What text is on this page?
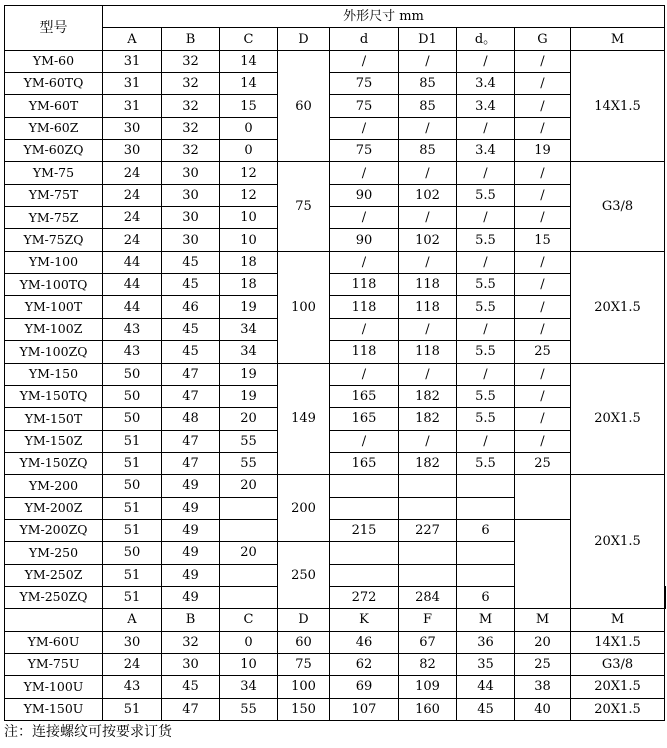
型号	外形尺寸 mm									
	A	B	C	D	d	D1	d。	G	M	
YM-60	31	32	14	60	/	/	/	/	14X1.5	
YM-60TQ	31	32	14		75	85	3.4	/		
YM-60T	31	32	15		75	85	3.4	/		
YM-60Z	30	32	0		/	/	/	/		
YM-60ZQ	30	32	0		75	85	3.4	19		
YM-75	24	30	12	75	/	/	/	/	G3/8	
YM-75T	24	30	12		90	102	5.5	/		
YM-75Z	24	30	10		/	/	/	/		
YM-75ZQ	24	30	10		90	102	5.5	15		
YM-100	44	45	18	100	/	/	/	/	20X1.5	
YM-100TQ	44	45	18		118	118	5.5	/		
YM-100T	44	46	19		118	118	5.5	/		
YM-100Z	43	45	34		/	/	/	/		
YM-100ZQ	43	45	34		118	118	5.5	25		
YM-150	50	47	19	149	/	/	/	/	20X1.5	
YM-150TQ	50	47	19		165	182	5.5	/		
YM-150T	50	48	20		165	182	5.5	/		
YM-150Z	51	47	55		/	/	/	/		
YM-150ZQ	51	47	55		165	182	5.5	25		
YM-200	50	49	20	200					20X1.5	
YM-200Z	51	49								
YM-200ZQ	51	49			215	227	6			
YM-250	50	49	20	250						
YM-250Z	51	49								
YM-250ZQ	51	49			272	284	6			
	A	B	C	D	K	F	M	M	M	
YM-60U	30	32	0	60	46	67	36	20	14X1.5	
YM-75U	24	30	10	75	62	82	35	25	G3/8	
YM-100U	43	45	34	100	69	109	44	38	20X1.5	
YM-150U	51	47	55	150	107	160	45	40	20X1.5	
注：连接螺纹可按要求订货
